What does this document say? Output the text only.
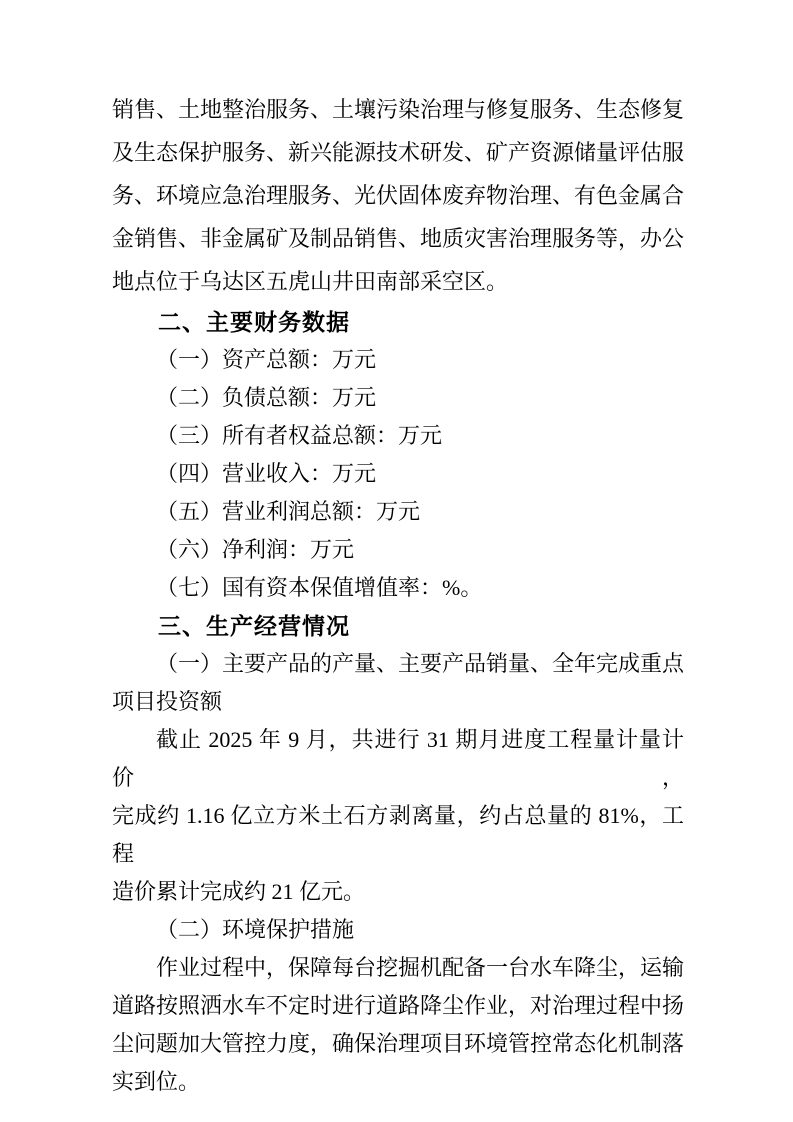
销售、土地整治服务、土壤污染治理与修复服务、生态修复
及生态保护服务、新兴能源技术研发、矿产资源储量评估服
务、环境应急治理服务、光伏固体废弃物治理、有色金属合
金销售、非金属矿及制品销售、地质灾害治理服务等，办公
地点位于乌达区五虎山井田南部采空区。
二、主要财务数据
（一）资产总额：万元
（二）负债总额：万元
（三）所有者权益总额：万元
（四）营业收入：万元
（五）营业利润总额：万元
（六）净利润：万元
（七）国有资本保值增值率：%。
三、生产经营情况
（一）主要产品的产量、主要产品销量、全年完成重点
项目投资额
截止 2025 年 9 月，共进行 31 期月进度工程量计量计价，
完成约 1.16 亿立方米土石方剥离量，约占总量的 81%，工程
造价累计完成约 21 亿元。
（二）环境保护措施
作业过程中，保障每台挖掘机配备一台水车降尘，运输
道路按照洒水车不定时进行道路降尘作业，对治理过程中扬
尘问题加大管控力度，确保治理项目环境管控常态化机制落
实到位。
